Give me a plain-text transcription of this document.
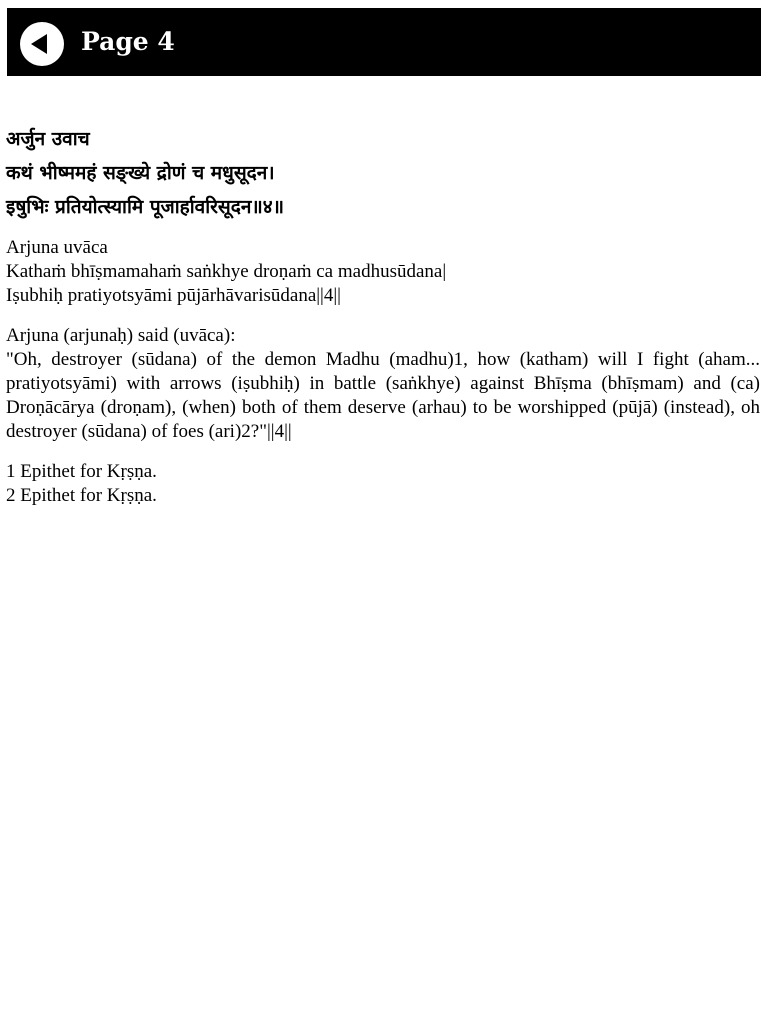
Page 4
अर्जुन उवाच
कथं भीष्ममहं सङ्ख्ये द्रोणं च मधुसूदन।
इषुभिः प्रतियोत्स्यामि पूजार्हावरिसूदन॥४॥
Arjuna uvāca
Kathaṁ bhīṣmamahaṁ saṅkhye droṇaṁ ca madhusūdana|
Iṣubhiḥ pratiyotsyāmi pūjārhāvarisūdana||4||
Arjuna (arjunaḥ) said (uvāca):
"Oh, destroyer (sūdana) of the demon Madhu (madhu)1, how (katham) will I fight (aham... pratiyotsyāmi) with arrows (iṣubhiḥ) in battle (saṅkhye) against Bhīṣma (bhīṣmam) and (ca) Droṇācārya (droṇam), (when) both of them deserve (arhau) to be worshipped (pūjā) (instead), oh destroyer (sūdana) of foes (ari)2?"||4||
1 Epithet for Kṛṣṇa.
2 Epithet for Kṛṣṇa.
